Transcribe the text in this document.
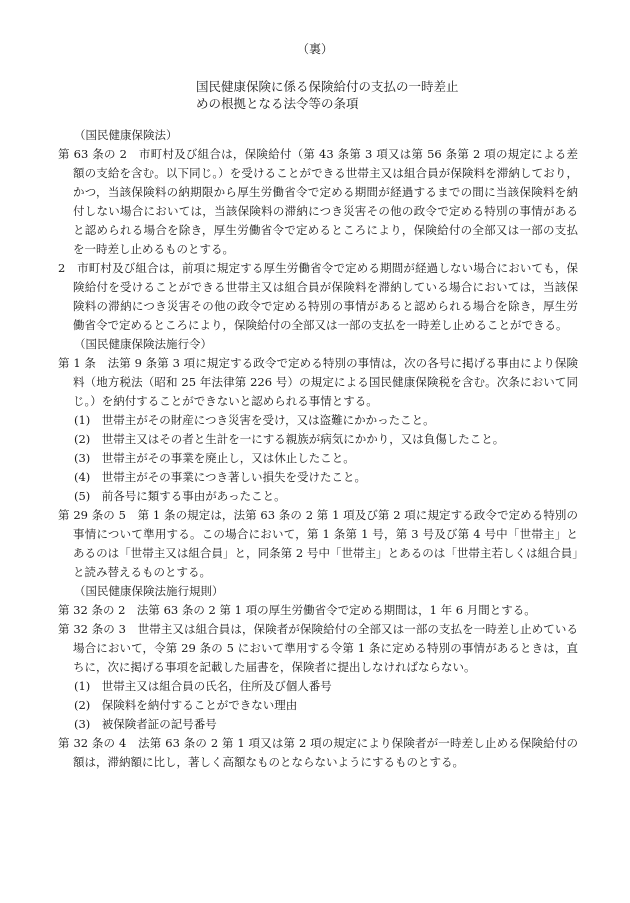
（裏）
国民健康保険に係る保険給付の支払の一時差止
めの根拠となる法令等の条項
（国民健康保険法）
第 63 条の 2　市町村及び組合は，保険給付（第 43 条第 3 項又は第 56 条第 2 項の規定による差額の支給を含む。以下同じ。）を受けることができる世帯主又は組合員が保険料を滞納しており，かつ，当該保険料の納期限から厚生労働省令で定める期間が経過するまでの間に当該保険料を納付しない場合においては，当該保険料の滞納につき災害その他の政令で定める特別の事情があると認められる場合を除き，厚生労働省令で定めるところにより，保険給付の全部又は一部の支払を一時差し止めるものとする。
2　市町村及び組合は，前項に規定する厚生労働省令で定める期間が経過しない場合においても，保険給付を受けることができる世帯主又は組合員が保険料を滞納している場合においては，当該保険料の滞納につき災害その他の政令で定める特別の事情があると認められる場合を除き，厚生労働省令で定めるところにより，保険給付の全部又は一部の支払を一時差し止めることができる。
（国民健康保険法施行令）
第 1 条　法第 9 条第 3 項に規定する政令で定める特別の事情は，次の各号に掲げる事由により保険料（地方税法（昭和 25 年法律第 226 号）の規定による国民健康保険税を含む。次条において同じ。）を納付することができないと認められる事情とする。
(1)　世帯主がその財産につき災害を受け，又は盗難にかかったこと。
(2)　世帯主又はその者と生計を一にする親族が病気にかかり，又は負傷したこと。
(3)　世帯主がその事業を廃止し，又は休止したこと。
(4)　世帯主がその事業につき著しい損失を受けたこと。
(5)　前各号に類する事由があったこと。
第 29 条の 5　第 1 条の規定は，法第 63 条の 2 第 1 項及び第 2 項に規定する政令で定める特別の事情について準用する。この場合において，第 1 条第 1 号，第 3 号及び第 4 号中「世帯主」とあるのは「世帯主又は組合員」と，同条第 2 号中「世帯主」とあるのは「世帯主若しくは組合員」と読み替えるものとする。
（国民健康保険法施行規則）
第 32 条の 2　法第 63 条の 2 第 1 項の厚生労働省令で定める期間は，1 年 6 月間とする。
第 32 条の 3　世帯主又は組合員は，保険者が保険給付の全部又は一部の支払を一時差し止めている場合において，令第 29 条の 5 において準用する令第 1 条に定める特別の事情があるときは，直ちに，次に掲げる事項を記載した届書を，保険者に提出しなければならない。
(1)　世帯主又は組合員の氏名，住所及び個人番号
(2)　保険料を納付することができない理由
(3)　被保険者証の記号番号
第 32 条の 4　法第 63 条の 2 第 1 項又は第 2 項の規定により保険者が一時差し止める保険給付の額は，滞納額に比し，著しく高額なものとならないようにするものとする。
